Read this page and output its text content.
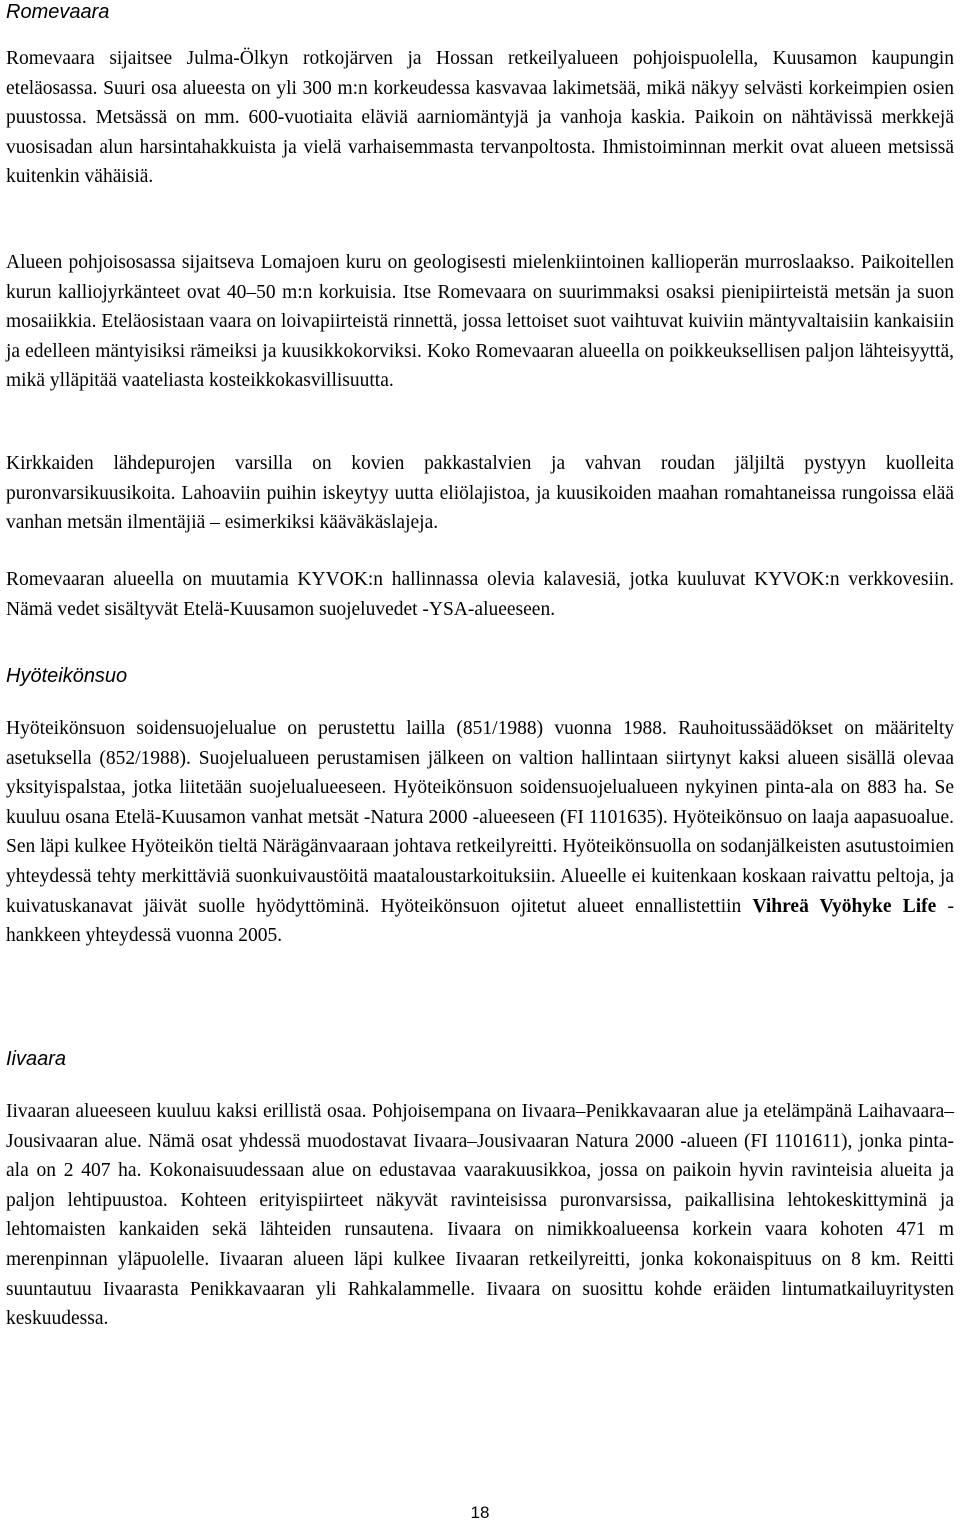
Romevaara

Romevaara sijaitsee Julma-Ölkyn rotkojärven ja Hossan retkeilyalueen pohjoispuolella, Kuusamon kaupungin eteläosassa. Suuri osa alueesta on yli 300 m:n korkeudessa kasvavaa lakimetsää, mikä näkyy selvästi korkeimpien osien puustossa. Metsässä on mm. 600-vuotiaita eläviä aarniomäntyjä ja vanhoja kaskia. Paikoin on nähtävissä merkkejä vuosisadan alun harsintahakkuista ja vielä varhaisemmasta tervanpoltosta. Ihmistoiminnan merkit ovat alueen metsissä kuitenkin vähäisiä.

Alueen pohjoisosassa sijaitseva Lomajoen kuru on geologisesti mielenkiintoinen kallioperän murroslaakso. Paikoitellen kurun kalliojyrkänteet ovat 40–50 m:n korkuisia. Itse Romevaara on suurimmaksi osaksi pienipiirteistä metsän ja suon mosaiikkia. Eteläosistaan vaara on loivapiirteistä rinnettä, jossa lettoiset suot vaihtuvat kuiviin mäntyvaltaisiin kankaisiin ja edelleen mäntyisiksi rämeiksi ja kuusikkokorviksi. Koko Romevaaran alueella on poikkeuksellisen paljon lähteisyyttä, mikä ylläpitää vaateliasta kosteikkokasvillisuutta.

Kirkkaiden lähdepurojen varsilla on kovien pakkastalvien ja vahvan roudan jäljiltä pystyyn kuolleita puronvarsikuusikoita. Lahoaviin puihin iskeytyy uutta eliölajistoa, ja kuusikoiden maahan romahtaneissa rungoissa elää vanhan metsän ilmentäjiä – esimerkiksi kääväkäslajeja.

Romevaaran alueella on muutamia KYVOK:n hallinnassa olevia kalavesiä, jotka kuuluvat KYVOK:n verkkovesiin. Nämä vedet sisältyvät Etelä-Kuusamon suojeluvedet -YSA-alueeseen.

Hyöteikönsuo

Hyöteikönsuon soidensuojelualue on perustettu lailla (851/1988) vuonna 1988. Rauhoitussäädökset on määritelty asetuksella (852/1988). Suojelualueen perustamisen jälkeen on valtion hallintaan siirtynyt kaksi alueen sisällä olevaa yksityispalstaa, jotka liitetään suojelualueeseen. Hyöteikönsuon soidensuojelualueen nykyinen pinta-ala on 883 ha. Se kuuluu osana Etelä-Kuusamon vanhat metsät -Natura 2000 -alueeseen (FI 1101635). Hyöteikönsuo on laaja aapasuoalue. Sen läpi kulkee Hyöteikön tieltä Närägänvaaraan johtava retkeilyreitti. Hyöteikönsuolla on sodanjälkeisten asutustoimien yhteydessä tehty merkittäviä suonkuivaustöitä maataloustarkoituksiin. Alueelle ei kuitenkaan koskaan raivattu peltoja, ja kuivatuskanavat jäivät suolle hyödyttöminä. Hyöteikönsuon ojitetut alueet ennallistettiin Vihreä Vyöhyke Life -hankkeen yhteydessä vuonna 2005.

Iivaara

Iivaaran alueeseen kuuluu kaksi erillistä osaa. Pohjoisempana on Iivaara–Penikkavaaran alue ja etelämpänä Laihavaara–Jousivaaran alue. Nämä osat yhdessä muodostavat Iivaara–Jousivaaran Natura 2000 -alueen (FI 1101611), jonka pinta-ala on 2 407 ha. Kokonaisuudessaan alue on edustavaa vaarakuusikkoa, jossa on paikoin hyvin ravinteisia alueita ja paljon lehtipuustoa. Kohteen erityispiirteet näkyvät ravinteisissa puronvarsissa, paikallisina lehtokeskittyminä ja lehtomaisten kankaiden sekä lähteiden runsautena. Iivaara on nimikkoalueensa korkein vaara kohoten 471 m merenpinnan yläpuolelle. Iivaaran alueen läpi kulkee Iivaaran retkeilyreitti, jonka kokonaispituus on 8 km. Reitti suuntautuu Iivaarasta Penikkavaaran yli Rahkalammelle. Iivaara on suosittu kohde eräiden lintumatkailuyritysten keskuudessa.

18
